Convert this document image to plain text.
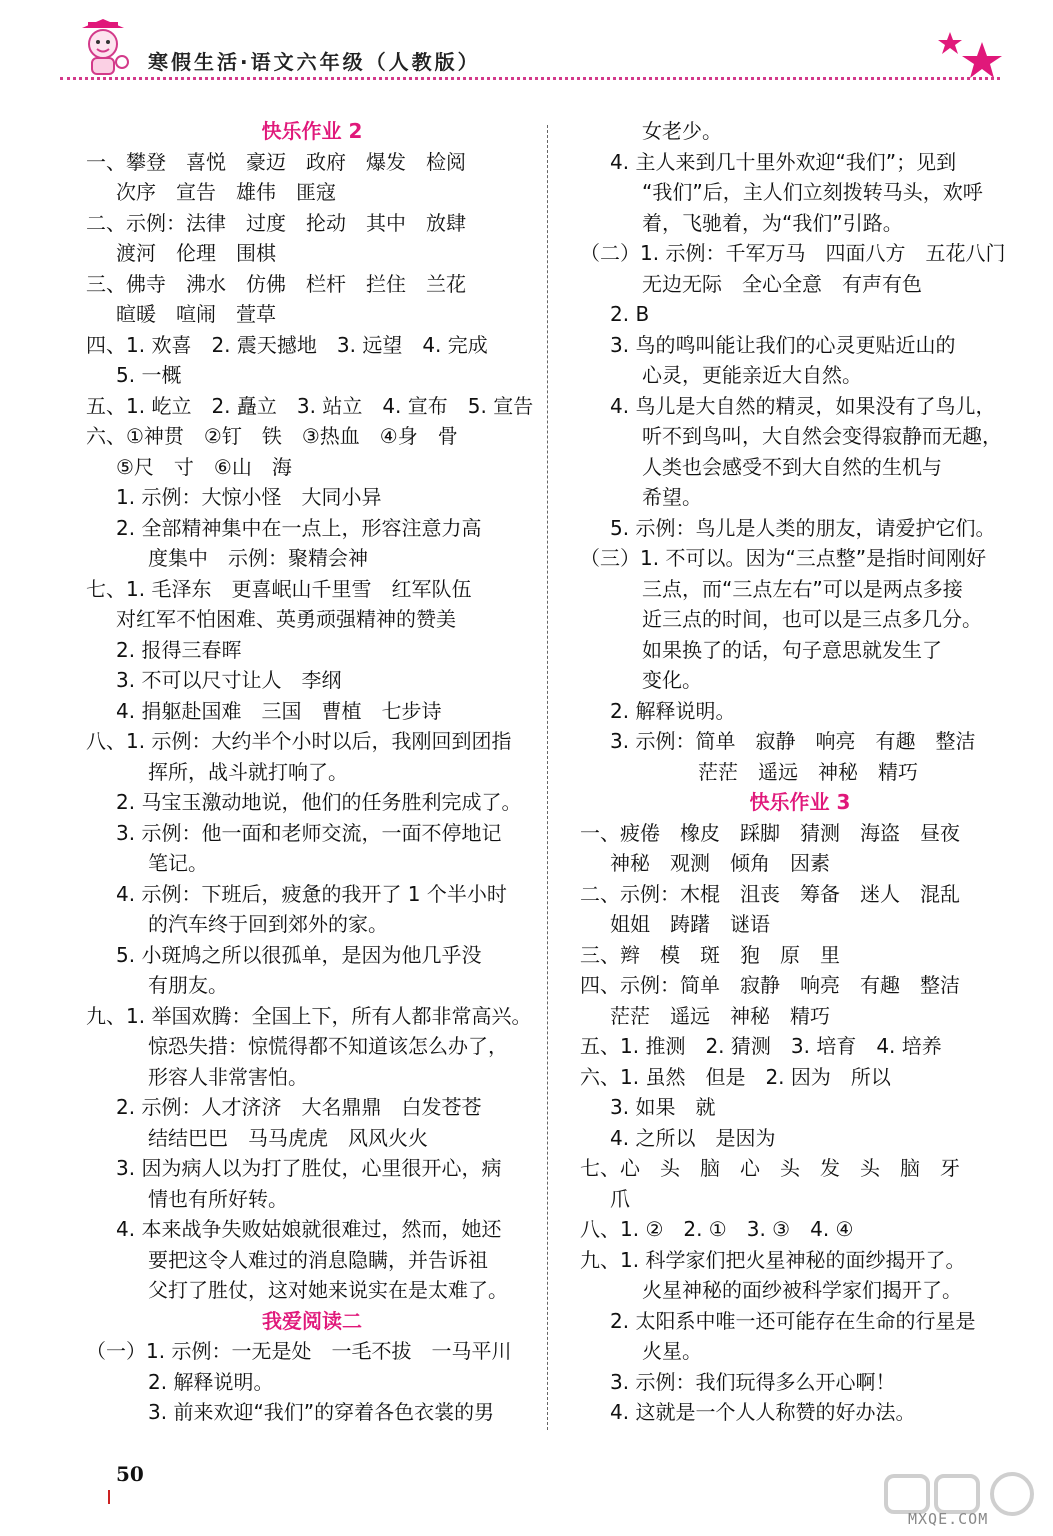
寒假生活·语文六年级（人教版）
快乐作业 2
一、攀登　喜悦　豪迈　政府　爆发　检阅
次序　宣告　雄伟　匪寇
二、示例：法律　过度　抡动　其中　放肆
渡河　伦理　围棋
三、佛寺　沸水　仿佛　栏杆　拦住　兰花
暄暖　喧闹　萱草
四、1. 欢喜　2. 震天撼地　3. 远望　4. 完成
5. 一概
五、1. 屹立　2. 矗立　3. 站立　4. 宣布　5. 宣告
六、①神贯　②钉　铁　③热血　④身　骨
⑤尺　寸　⑥山　海
1. 示例：大惊小怪　大同小异
2. 全部精神集中在一点上，形容注意力高
度集中　示例：聚精会神
七、1. 毛泽东　更喜岷山千里雪　红军队伍
对红军不怕困难、英勇顽强精神的赞美
2. 报得三春晖
3. 不可以尺寸让人　李纲
4. 捐躯赴国难　三国　曹植　七步诗
八、1. 示例：大约半个小时以后，我刚回到团指
挥所，战斗就打响了。
2. 马宝玉激动地说，他们的任务胜利完成了。
3. 示例：他一面和老师交流，一面不停地记
笔记。
4. 示例：下班后，疲惫的我开了 1 个半小时
的汽车终于回到郊外的家。
5. 小斑鸠之所以很孤单，是因为他几乎没
有朋友。
九、1. 举国欢腾：全国上下，所有人都非常高兴。
惊恐失措：惊慌得都不知道该怎么办了，
形容人非常害怕。
2. 示例：人才济济　大名鼎鼎　白发苍苍
结结巴巴　马马虎虎　风风火火
3. 因为病人以为打了胜仗，心里很开心，病
情也有所好转。
4. 本来战争失败姑娘就很难过，然而，她还
要把这令人难过的消息隐瞒，并告诉祖
父打了胜仗，这对她来说实在是太难了。
我爱阅读二
（一）1. 示例：一无是处　一毛不拔　一马平川
2. 解释说明。
3. 前来欢迎“我们”的穿着各色衣裳的男
女老少。
4. 主人来到几十里外欢迎“我们”；见到
“我们”后，主人们立刻拨转马头，欢呼
着，飞驰着，为“我们”引路。
（二）1. 示例：千军万马　四面八方　五花八门
无边无际　全心全意　有声有色
2. B
3. 鸟的鸣叫能让我们的心灵更贴近山的
心灵，更能亲近大自然。
4. 鸟儿是大自然的精灵，如果没有了鸟儿，
听不到鸟叫，大自然会变得寂静而无趣，
人类也会感受不到大自然的生机与
希望。
5. 示例：鸟儿是人类的朋友，请爱护它们。
（三）1. 不可以。因为“三点整”是指时间刚好
三点，而“三点左右”可以是两点多接
近三点的时间，也可以是三点多几分。
如果换了的话，句子意思就发生了
变化。
2. 解释说明。
3. 示例：简单　寂静　响亮　有趣　整洁
茫茫　遥远　神秘　精巧
快乐作业 3
一、疲倦　橡皮　踩脚　猜测　海盗　昼夜
神秘　观测　倾角　因素
二、示例：木棍　沮丧　筹备　迷人　混乱
姐姐　踌躇　谜语
三、辫　模　斑　狍　原　里
四、示例：简单　寂静　响亮　有趣　整洁
茫茫　遥远　神秘　精巧
五、1. 推测　2. 猜测　3. 培育　4. 培养
六、1. 虽然　但是　2. 因为　所以
3. 如果　就
4. 之所以　是因为
七、心　头　脑　心　头　发　头　脑　牙
爪
八、1. ②　2. ①　3. ③　4. ④
九、1. 科学家们把火星神秘的面纱揭开了。
火星神秘的面纱被科学家们揭开了。
2. 太阳系中唯一还可能存在生命的行星是
火星。
3. 示例：我们玩得多么开心啊！
4. 这就是一个人人称赞的好办法。
50
MXQE.COM
